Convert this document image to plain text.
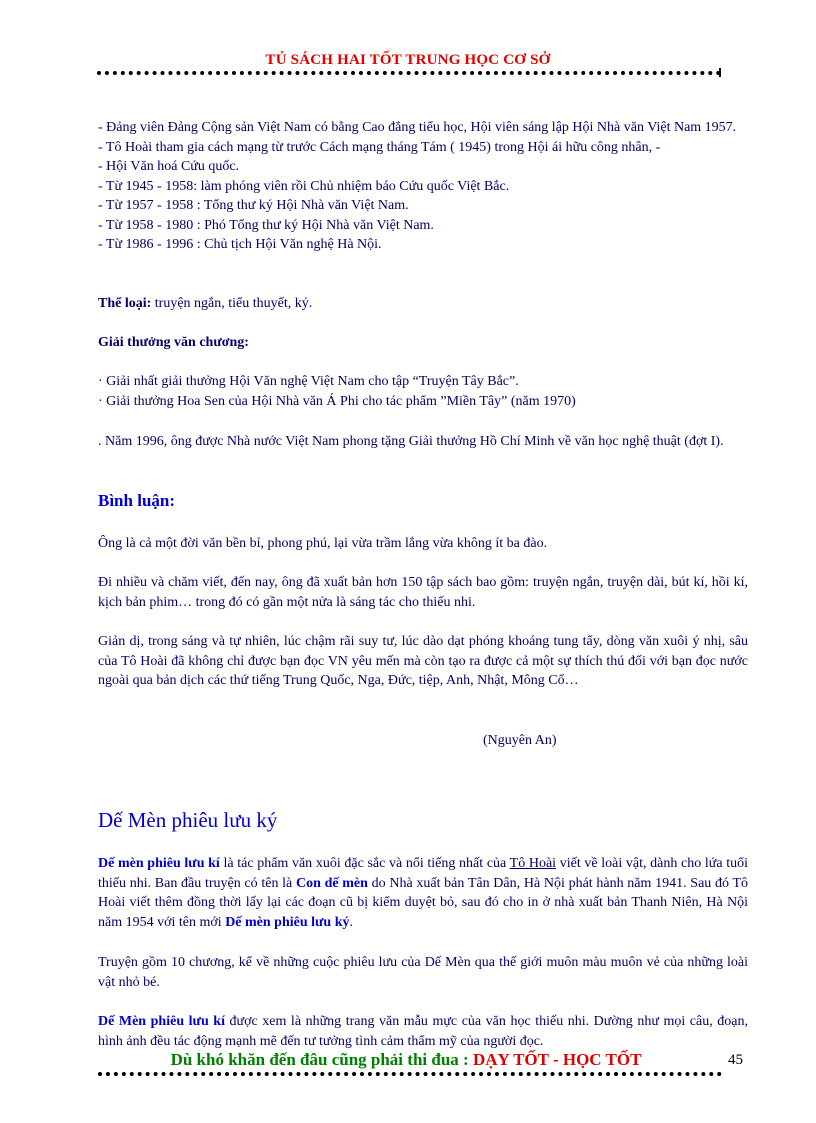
TỦ SÁCH HAI TỐT TRUNG HỌC CƠ SỞ

- Đảng viên Đảng Cộng sản Việt Nam có bằng Cao đẳng tiểu học, Hội viên sáng lập Hội Nhà văn Việt Nam 1957.

- Tô Hoài tham gia cách mạng từ trước Cách mạng tháng Tám ( 1945) trong Hội ái hữu công nhân, -

- Hội Văn hoá Cứu quốc.

- Từ 1945 - 1958: làm phóng viên rồi Chủ nhiệm báo Cứu quốc Việt Bắc.

- Từ 1957 - 1958 : Tổng thư ký Hội Nhà văn Việt Nam.

- Từ 1958 - 1980 : Phó Tổng thư ký Hội Nhà văn Việt Nam.

- Từ 1986 - 1996 : Chủ tịch Hội Văn nghệ Hà Nội.

Thể loại: truyện ngắn, tiểu thuyết, ký.
Giải thưởng văn chương:

· Giải nhất giải thưởng Hội Văn nghệ Việt Nam cho tập “Truyện Tây Bắc”.

· Giải thưởng Hoa Sen của Hội Nhà văn Á Phi cho tác phẩm ”Miền Tây” (năm 1970)

. Năm 1996, ông được Nhà nước Việt Nam phong tặng Giải thưởng Hồ Chí Minh về văn học nghệ thuật (đợt I).

Bình luận:

Ông là cả một đời văn bền bỉ, phong phú, lại vừa trầm lắng vừa không ít ba đào.

Đi nhiều và chăm viết, đến nay, ông đã xuất bản hơn 150 tập sách bao gồm: truyện ngắn, truyện dài, bút kí, hồi kí, kịch bản phim… trong đó có gần một nửa là sáng tác cho thiếu nhi.

Giản dị, trong sáng và tự nhiên, lúc chậm rãi suy tư, lúc dào dạt phóng khoáng tung tẩy, dòng văn xuôi ý nhị, sâu của Tô Hoài đã không chỉ được bạn đọc VN yêu mến mà còn tạo ra được cả một sự thích thú đối với bạn đọc nước ngoài qua bản dịch các thứ tiếng Trung Quốc, Nga, Đức, tiệp, Anh, Nhật, Mông Cổ…

(Nguyên An)

Dế Mèn phiêu lưu ký

Dế mèn phiêu lưu kí là tác phẩm văn xuôi đặc sắc và nổi tiếng nhất của Tô Hoài viết về loài vật, dành cho lứa tuổi thiếu nhi. Ban đầu truyện có tên là Con dế mèn do Nhà xuất bản Tân Dân, Hà Nội phát hành năm 1941. Sau đó Tô Hoài viết thêm đồng thời lấy lại các đoạn cũ bị kiểm duyệt bỏ, sau đó cho in ở nhà xuất bản Thanh Niên, Hà Nội năm 1954 với tên mới Dế mèn phiêu lưu ký.

Truyện gồm 10 chương, kể về những cuộc phiêu lưu của Dế Mèn qua thế giới muôn màu muôn vẻ của những loài vật nhỏ bé.

Dế Mèn phiêu lưu kí được xem là những trang văn mẫu mực của văn học thiếu nhi. Dường như mọi câu, đoạn, hình ảnh đều tác động mạnh mẽ đến tư tưởng tình cảm thẩm mỹ của người đọc.

Dù khó khăn đến đâu cũng phải thi đua : DẠY TỐT - HỌC TỐT	45
